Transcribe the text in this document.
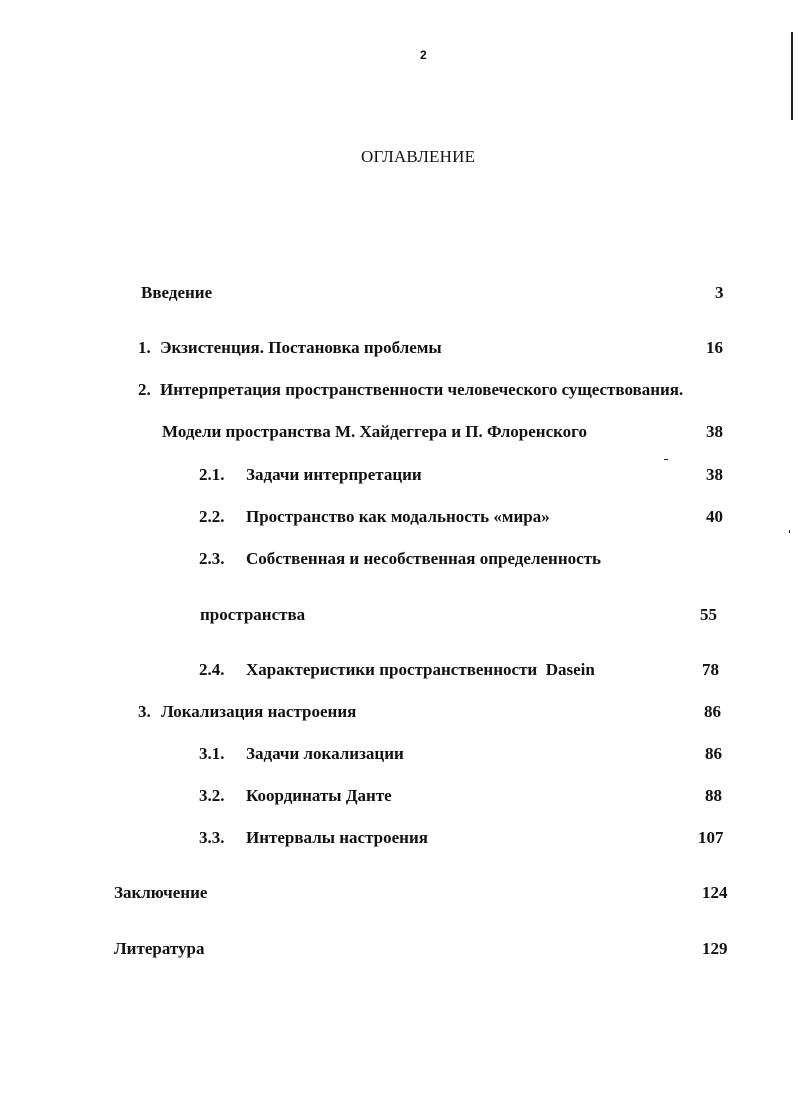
2
ОГЛАВЛЕНИЕ
Введение	3
1. Экзистенция. Постановка проблемы	16
2. Интерпретация пространственности человеческого существования.
Модели пространства М. Хайдеггера и П. Флоренского	38
2.1. Задачи интерпретации	38
2.2. Пространство как модальность «мира»	40
2.3. Собственная и несобственная определенность
пространства	55
2.4. Характеристики пространственности  Dasein	78
3. Локализация настроения	86
3.1. Задачи локализации	86
3.2. Координаты Данте	88
3.3. Интервалы настроения	107
Заключение	124
Литература	129
